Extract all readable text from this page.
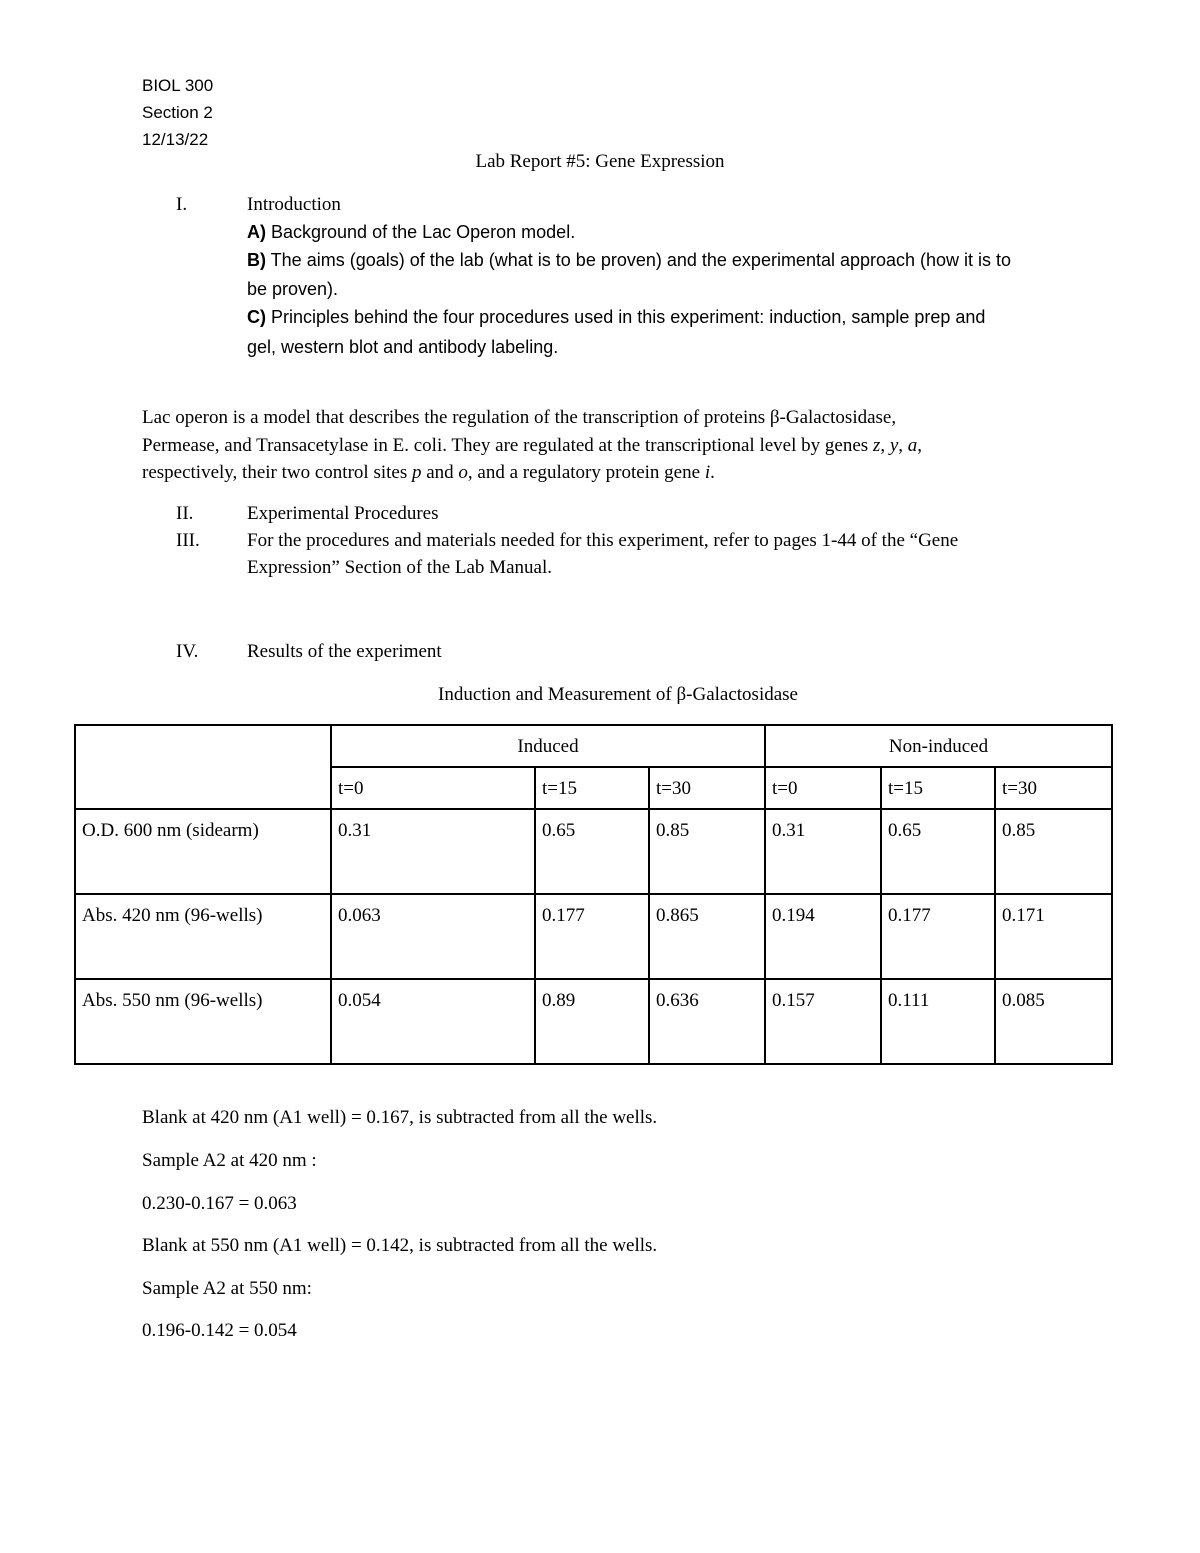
BIOL 300
Section 2
12/13/22
Lab Report #5: Gene Expression
I.	Introduction
A) Background of the Lac Operon model.
B) The aims (goals) of the lab (what is to be proven) and the experimental approach (how it is to
be proven).
C) Principles behind the four procedures used in this experiment: induction, sample prep and
gel, western blot and antibody labeling.
Lac operon is a model that describes the regulation of the transcription of proteins β-Galactosidase,
Permease, and Transacetylase in E. coli. They are regulated at the transcriptional level by genes z, y, a,
respectively, their two control sites p and o, and a regulatory protein gene i.
II.	Experimental Procedures
III. For the procedures and materials needed for this experiment, refer to pages 1-44 of the “Gene
Expression” Section of the Lab Manual.
IV.	Results of the experiment
Induction and Measurement of β-Galactosidase
	Induced			Non-induced		
	t=0	t=15	t=30	t=0	t=15	t=30
O.D. 600 nm (sidearm)	0.31	0.65	0.85	0.31	0.65	0.85
Abs. 420 nm (96-wells)	0.063	0.177	0.865	0.194	0.177	0.171
Abs. 550 nm (96-wells)	0.054	0.89	0.636	0.157	0.111	0.085
Blank at 420 nm (A1 well) = 0.167, is subtracted from all the wells.
Sample A2 at 420 nm :
0.230-0.167 = 0.063
Blank at 550 nm (A1 well) = 0.142, is subtracted from all the wells.
Sample A2 at 550 nm:
0.196-0.142 = 0.054
